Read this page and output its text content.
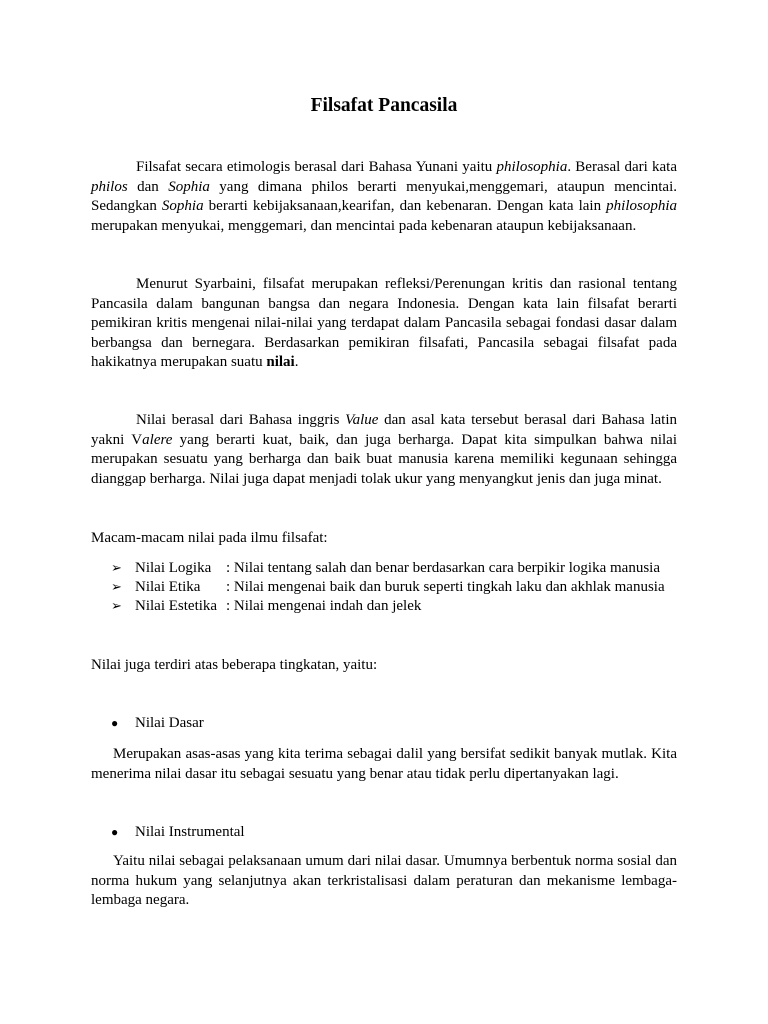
Filsafat Pancasila

Filsafat secara etimologis berasal dari Bahasa Yunani yaitu philosophia. Berasal dari kata philos dan Sophia yang dimana philos berarti menyukai,menggemari, ataupun mencintai. Sedangkan Sophia berarti kebijaksanaan,kearifan, dan kebenaran. Dengan kata lain philosophia merupakan menyukai, menggemari, dan mencintai pada kebenaran ataupun kebijaksanaan.

Menurut Syarbaini, filsafat merupakan refleksi/Perenungan kritis dan rasional tentang Pancasila dalam bangunan bangsa dan negara Indonesia. Dengan kata lain filsafat berarti pemikiran kritis mengenai nilai-nilai yang terdapat dalam Pancasila sebagai fondasi dasar dalam berbangsa dan bernegara. Berdasarkan pemikiran filsafati, Pancasila sebagai filsafat pada hakikatnya merupakan suatu nilai.

Nilai berasal dari Bahasa inggris Value dan asal kata tersebut berasal dari Bahasa latin yakni Valere yang berarti kuat, baik, dan juga berharga. Dapat kita simpulkan bahwa nilai merupakan sesuatu yang berharga dan baik buat manusia karena memiliki kegunaan sehingga dianggap berharga. Nilai juga dapat menjadi tolak ukur yang menyangkut jenis dan juga minat.

Macam-macam nilai pada ilmu filsafat:
➢ Nilai Logika : Nilai tentang salah dan benar berdasarkan cara berpikir logika manusia
➢ Nilai Etika : Nilai mengenai baik dan buruk seperti tingkah laku dan akhlak manusia
➢ Nilai Estetika : Nilai mengenai indah dan jelek
Nilai juga terdiri atas beberapa tingkatan, yaitu:
● Nilai Dasar

Merupakan asas-asas yang kita terima sebagai dalil yang bersifat sedikit banyak mutlak. Kita menerima nilai dasar itu sebagai sesuatu yang benar atau tidak perlu dipertanyakan lagi.

● Nilai Instrumental

Yaitu nilai sebagai pelaksanaan umum dari nilai dasar. Umumnya berbentuk norma sosial dan norma hukum yang selanjutnya akan terkristalisasi dalam peraturan dan mekanisme lembaga-lembaga negara.
